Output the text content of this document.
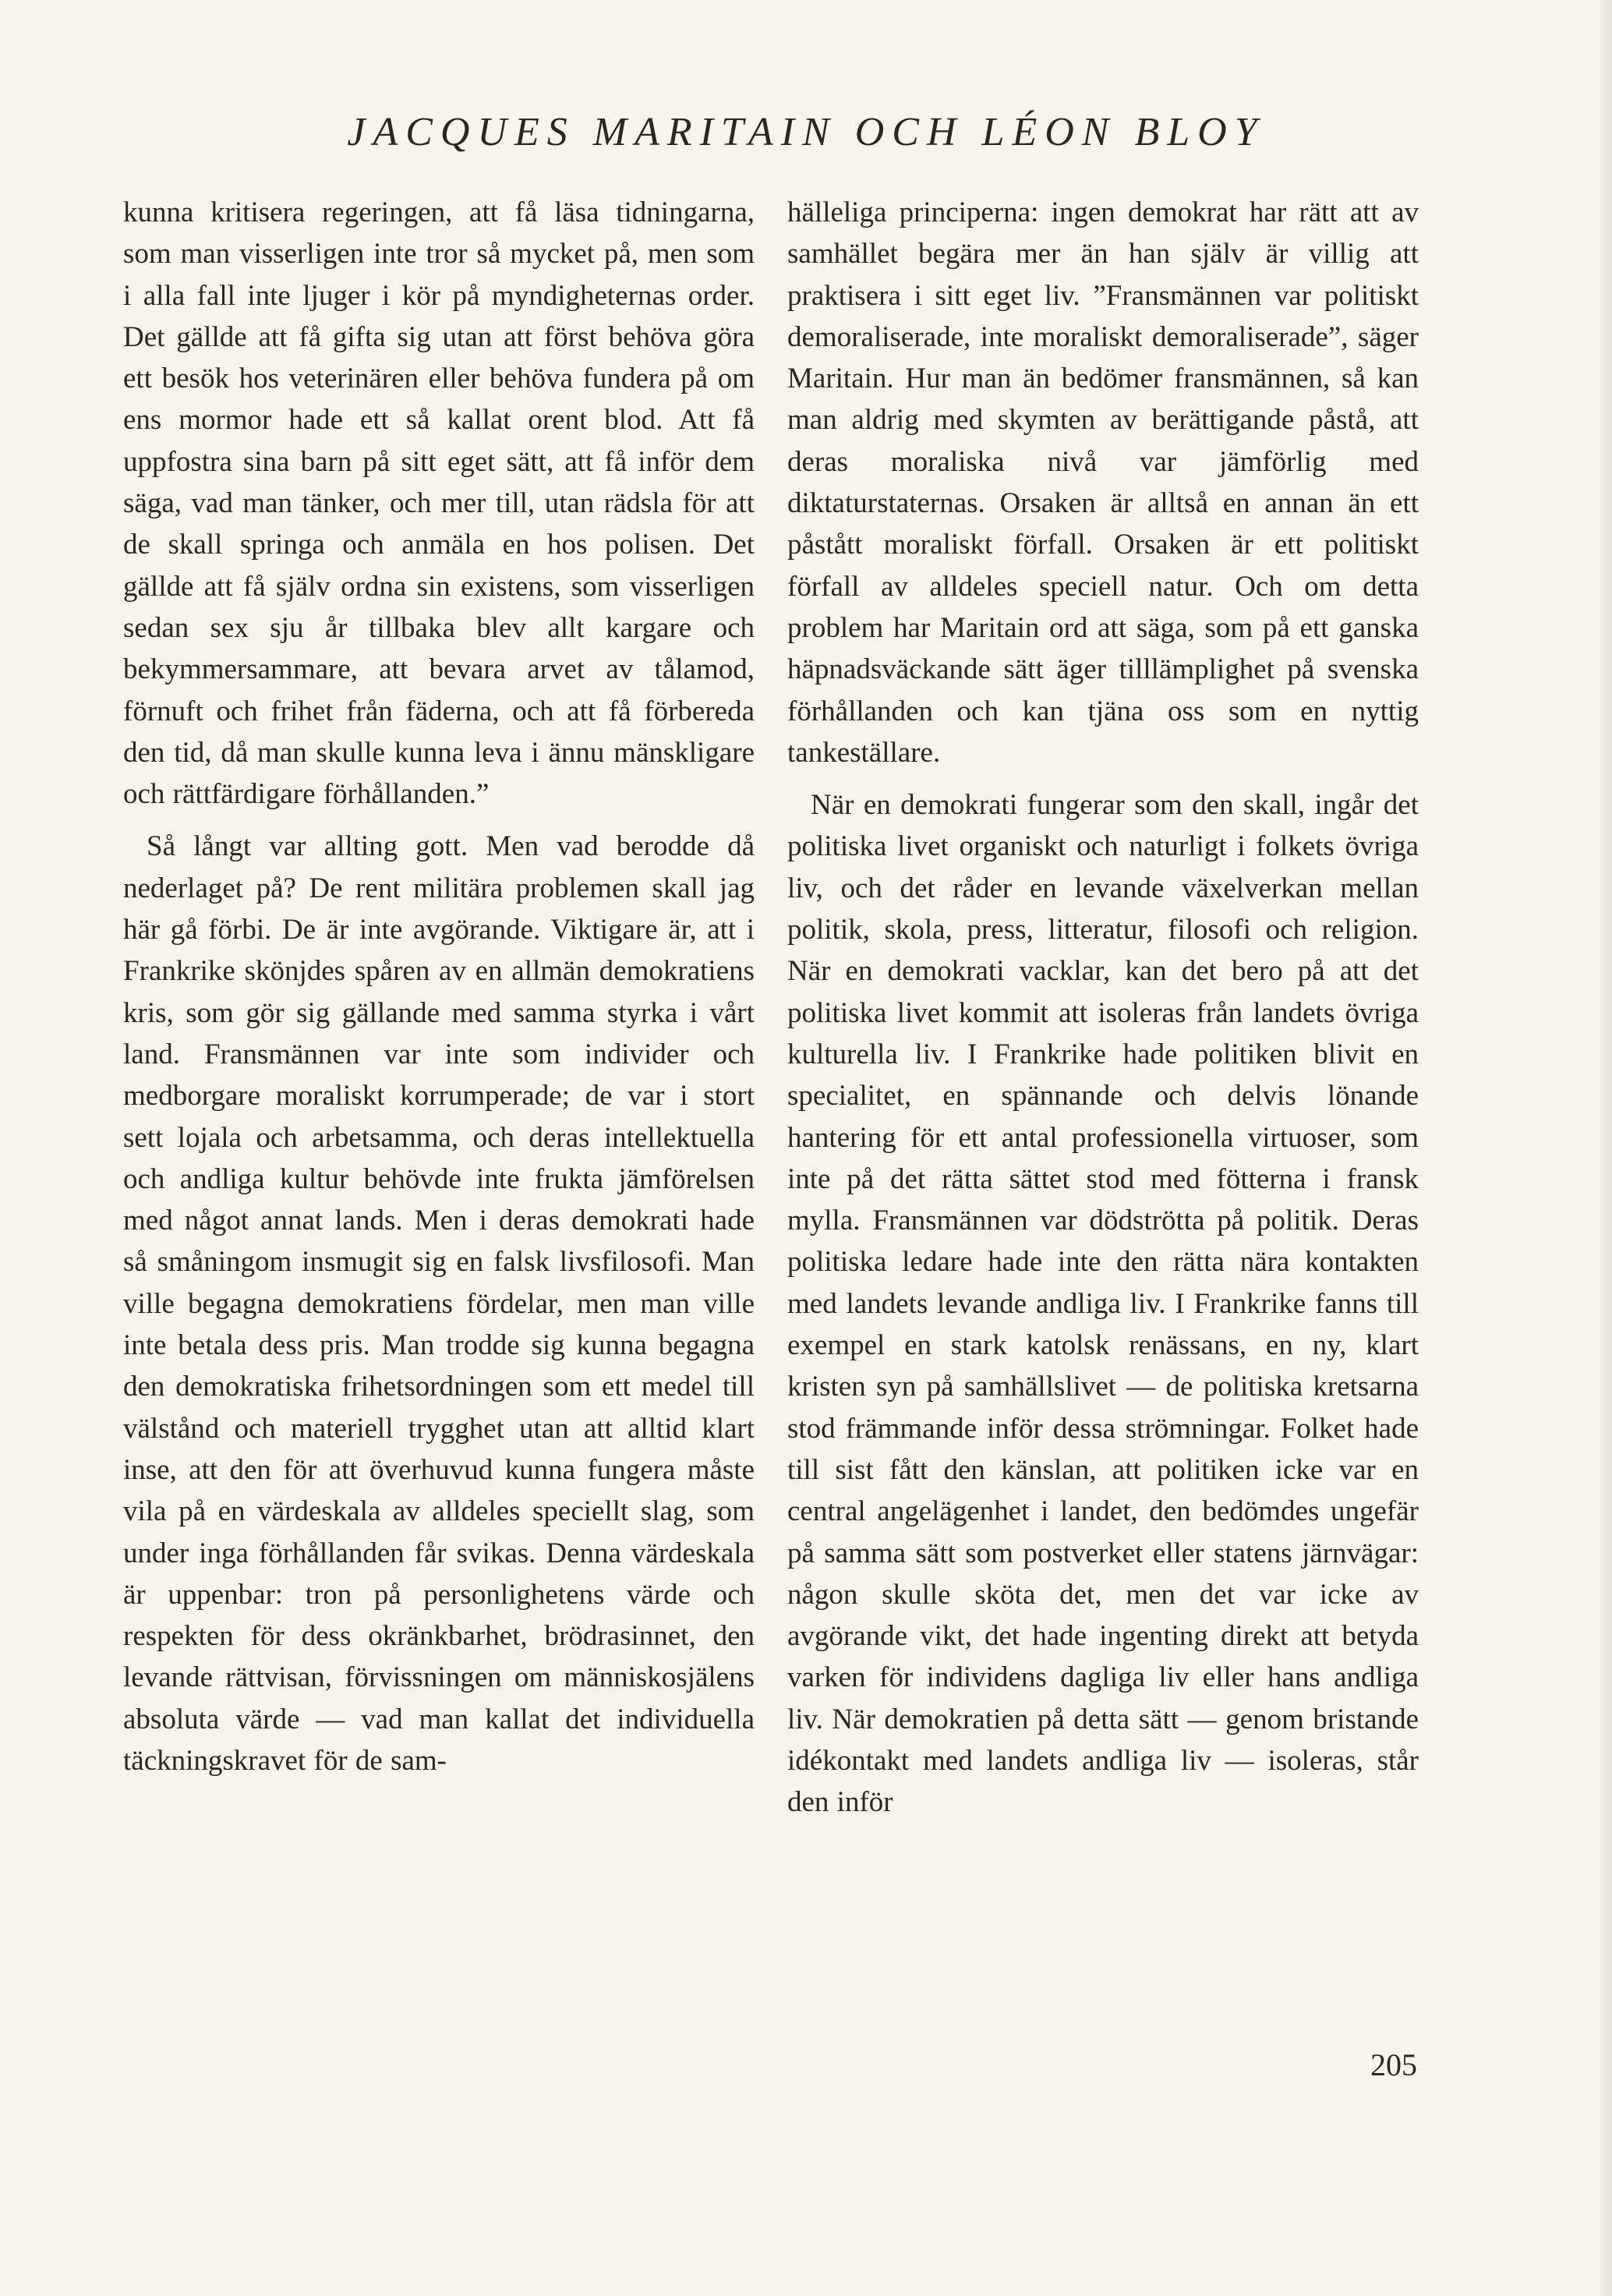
JACQUES MARITAIN OCH LÉON BLOY

kunna kritisera regeringen, att få läsa tidningarna, som man visserligen inte tror så mycket på, men som i alla fall inte ljuger i kör på myndigheternas order. Det gällde att få gifta sig utan att först behöva göra ett besök hos veterinären eller behöva fundera på om ens mormor hade ett så kallat orent blod. Att få uppfostra sina barn på sitt eget sätt, att få inför dem säga, vad man tänker, och mer till, utan rädsla för att de skall springa och anmäla en hos polisen. Det gällde att få själv ordna sin existens, som visserligen sedan sex sju år tillbaka blev allt kargare och bekymmersammare, att bevara arvet av tålamod, förnuft och frihet från fäderna, och att få förbereda den tid, då man skulle kunna leva i ännu mänskligare och rättfärdigare förhållanden.”

Så långt var allting gott. Men vad berodde då nederlaget på? De rent militära problemen skall jag här gå förbi. De är inte avgörande. Viktigare är, att i Frankrike skönjdes spåren av en allmän demokratiens kris, som gör sig gällande med samma styrka i vårt land. Fransmännen var inte som individer och medborgare moraliskt korrumperade; de var i stort sett lojala och arbetsamma, och deras intellektuella och andliga kultur behövde inte frukta jämförelsen med något annat lands. Men i deras demokrati hade så småningom insmugit sig en falsk livsfilosofi. Man ville begagna demokratiens fördelar, men man ville inte betala dess pris. Man trodde sig kunna begagna den demokratiska frihetsordningen som ett medel till välstånd och materiell trygghet utan att alltid klart inse, att den för att överhuvud kunna fungera måste vila på en värdeskala av alldeles speciellt slag, som under inga förhållanden får svikas. Denna värdeskala är uppenbar: tron på personlighetens värde och respekten för dess okränkbarhet, brödrasinnet, den levande rättvisan, förvissningen om människosjälens absoluta värde — vad man kallat det individuella täckningskravet för de sam-

hälleliga principerna: ingen demokrat har rätt att av samhället begära mer än han själv är villig att praktisera i sitt eget liv. ”Fransmännen var politiskt demoraliserade, inte moraliskt demoraliserade”, säger Maritain. Hur man än bedömer fransmännen, så kan man aldrig med skymten av berättigande påstå, att deras moraliska nivå var jämförlig med diktaturstaternas. Orsaken är alltså en annan än ett påstått moraliskt förfall. Orsaken är ett politiskt förfall av alldeles speciell natur. Och om detta problem har Maritain ord att säga, som på ett ganska häpnadsväckande sätt äger tilllämplighet på svenska förhållanden och kan tjäna oss som en nyttig tankeställare.

När en demokrati fungerar som den skall, ingår det politiska livet organiskt och naturligt i folkets övriga liv, och det råder en levande växelverkan mellan politik, skola, press, litteratur, filosofi och religion. När en demokrati vacklar, kan det bero på att det politiska livet kommit att isoleras från landets övriga kulturella liv. I Frankrike hade politiken blivit en specialitet, en spännande och delvis lönande hantering för ett antal professionella virtuoser, som inte på det rätta sättet stod med fötterna i fransk mylla. Fransmännen var dödströtta på politik. Deras politiska ledare hade inte den rätta nära kontakten med landets levande andliga liv. I Frankrike fanns till exempel en stark katolsk renässans, en ny, klart kristen syn på samhällslivet — de politiska kretsarna stod främmande inför dessa strömningar. Folket hade till sist fått den känslan, att politiken icke var en central angelägenhet i landet, den bedömdes ungefär på samma sätt som postverket eller statens järnvägar: någon skulle sköta det, men det var icke av avgörande vikt, det hade ingenting direkt att betyda varken för individens dagliga liv eller hans andliga liv. När demokratien på detta sätt — genom bristande idékontakt med landets andliga liv — isoleras, står den inför

205
